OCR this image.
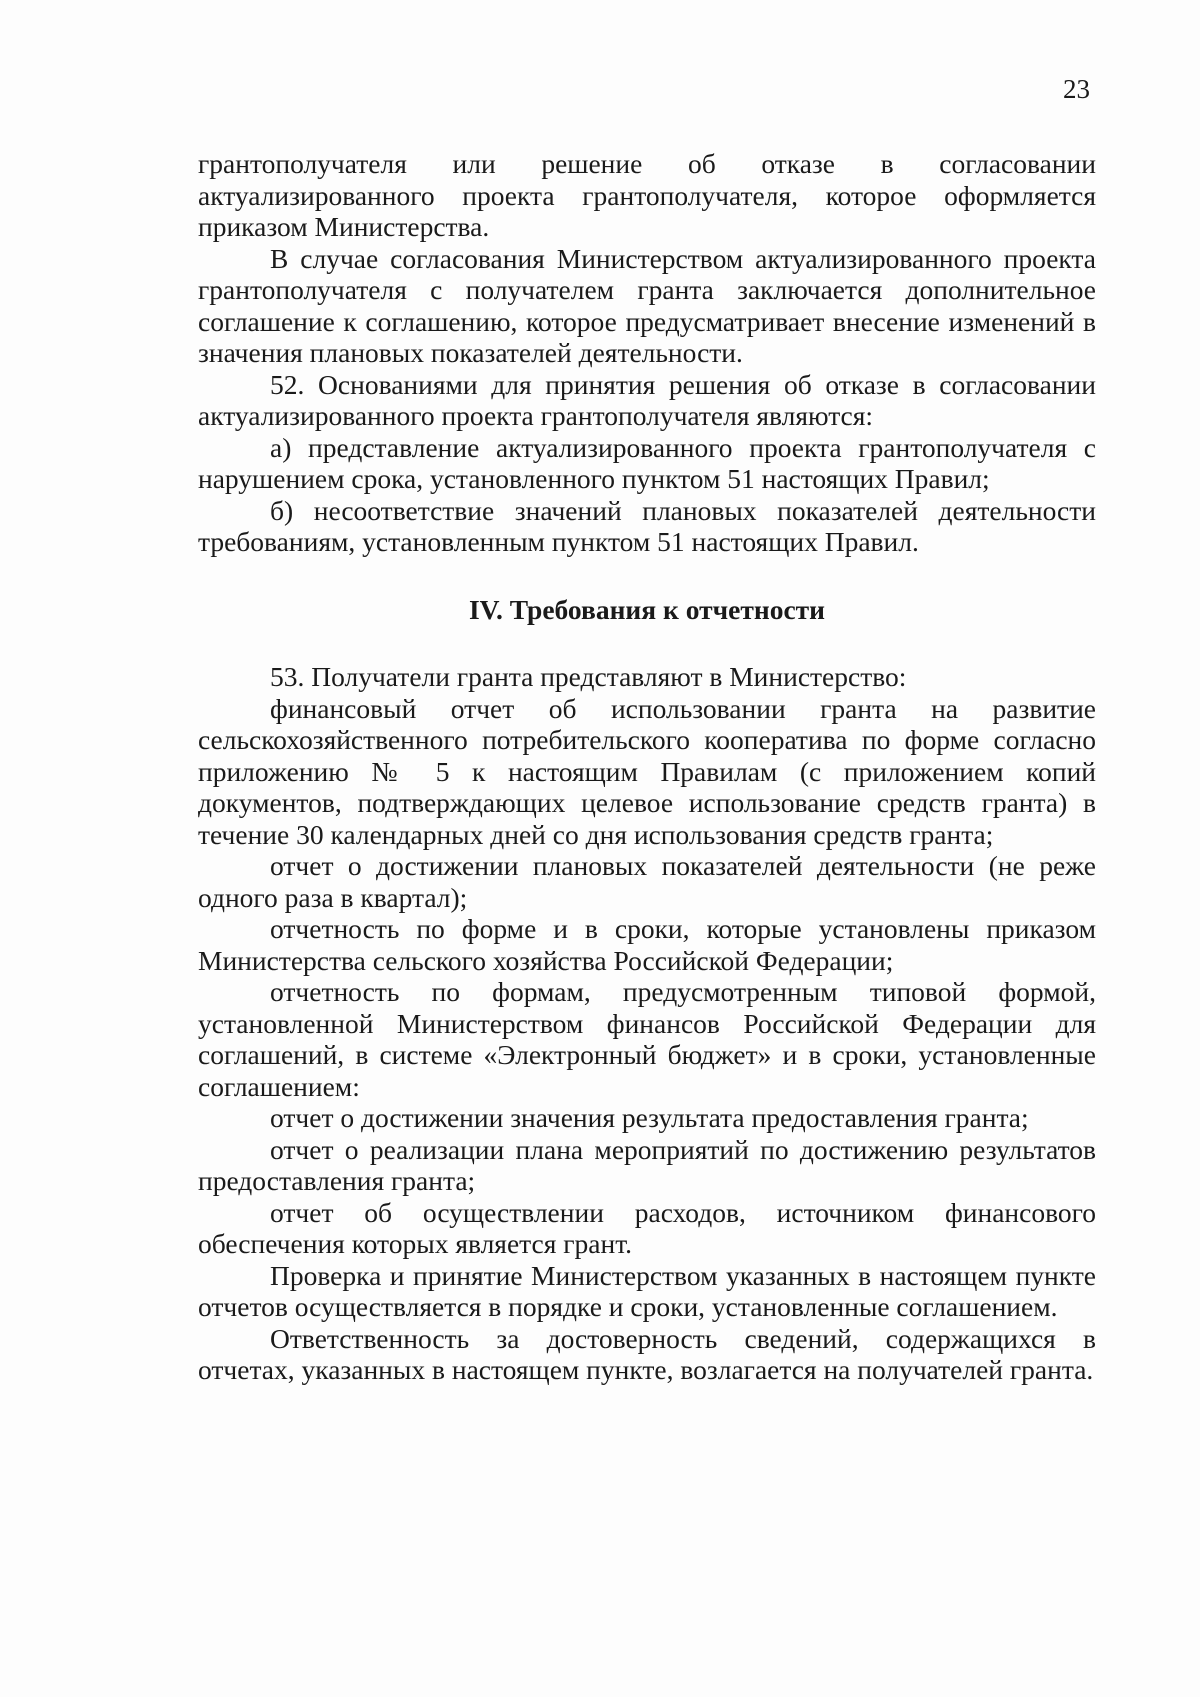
23

грантополучателя или решение об отказе в согласовании актуализированного проекта грантополучателя, которое оформляется приказом Министерства.

В случае согласования Министерством актуализированного проекта грантополучателя с получателем гранта заключается дополнительное соглашение к соглашению, которое предусматривает внесение изменений в значения плановых показателей деятельности.

52. Основаниями для принятия решения об отказе в согласовании актуализированного проекта грантополучателя являются:

а) представление актуализированного проекта грантополучателя с нарушением срока, установленного пунктом 51 настоящих Правил;

б) несоответствие значений плановых показателей деятельности требованиям, установленным пунктом 51 настоящих Правил.

IV. Требования к отчетности

53. Получатели гранта представляют в Министерство:

финансовый отчет об использовании гранта на развитие сельскохозяйственного потребительского кооператива по форме согласно приложению № 5 к настоящим Правилам (с приложением копий документов, подтверждающих целевое использование средств гранта) в течение 30 календарных дней со дня использования средств гранта;

отчет о достижении плановых показателей деятельности (не реже одного раза в квартал);

отчетность по форме и в сроки, которые установлены приказом Министерства сельского хозяйства Российской Федерации;

отчетность по формам, предусмотренным типовой формой, установленной Министерством финансов Российской Федерации для соглашений, в системе «Электронный бюджет» и в сроки, установленные соглашением:

отчет о достижении значения результата предоставления гранта;

отчет о реализации плана мероприятий по достижению результатов предоставления гранта;

отчет об осуществлении расходов, источником финансового обеспечения которых является грант.

Проверка и принятие Министерством указанных в настоящем пункте отчетов осуществляется в порядке и сроки, установленные соглашением.

Ответственность за достоверность сведений, содержащихся в отчетах, указанных в настоящем пункте, возлагается на получателей гранта.
